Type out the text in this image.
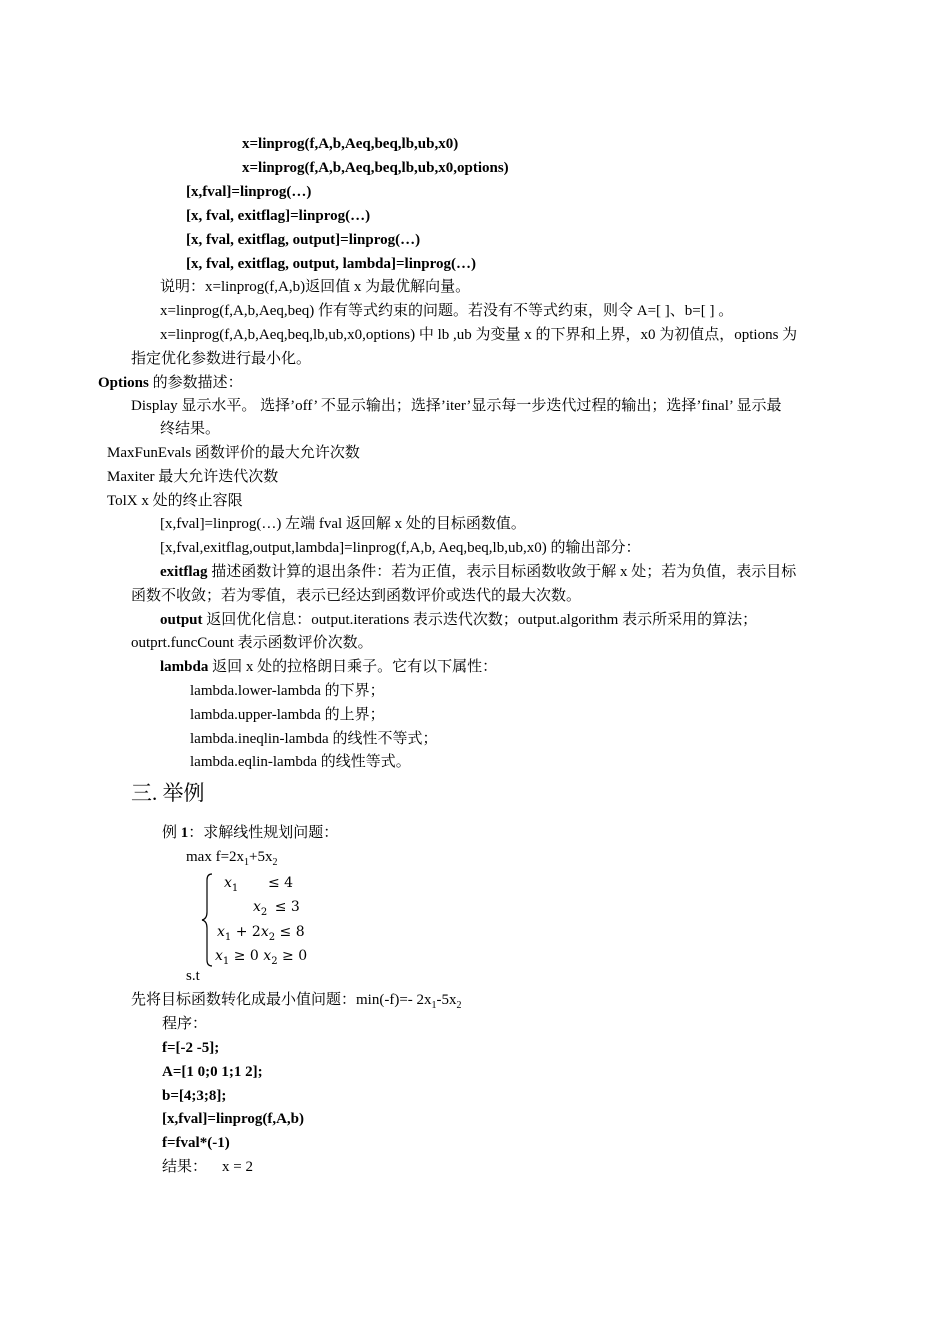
x=linprog(f,A,b,Aeq,beq,lb,ub,x0)
x=linprog(f,A,b,Aeq,beq,lb,ub,x0,options)
[x,fval]=linprog(…)
[x, fval, exitflag]=linprog(…)
[x, fval, exitflag, output]=linprog(…)
[x, fval, exitflag, output, lambda]=linprog(…)
说明：x=linprog(f,A,b)返回值 x 为最优解向量。
x=linprog(f,A,b,Aeq,beq) 作有等式约束的问题。若没有不等式约束，则令 A=[ ]、b=[ ] 。
x=linprog(f,A,b,Aeq,beq,lb,ub,x0,options) 中 lb ,ub 为变量 x 的下界和上界，x0 为初值点，options 为
指定优化参数进行最小化。
Options 的参数描述：
Display 显示水平。 选择’off’ 不显示输出；选择’iter’显示每一步迭代过程的输出；选择’final’ 显示最
终结果。
MaxFunEvals 函数评价的最大允许次数
Maxiter 最大允许迭代次数
TolX x 处的终止容限
[x,fval]=linprog(…) 左端 fval 返回解 x 处的目标函数值。
[x,fval,exitflag,output,lambda]=linprog(f,A,b, Aeq,beq,lb,ub,x0) 的输出部分：
exitflag 描述函数计算的退出条件：若为正值，表示目标函数收敛于解 x 处；若为负值，表示目标
函数不收敛；若为零值，表示已经达到函数评价或迭代的最大次数。
output 返回优化信息：output.iterations 表示迭代次数；output.algorithm 表示所采用的算法；
outprt.funcCount 表示函数评价次数。
lambda 返回 x 处的拉格朗日乘子。它有以下属性：
lambda.lower-lambda 的下界；
lambda.upper-lambda 的上界；
lambda.ineqlin-lambda 的线性不等式；
lambda.eqlin-lambda 的线性等式。
三. 举例
例 1：求解线性规划问题：
$\max f=2x_1+5x_2$
$x_1 \le 4$
$x_2 \le 3$
$x_1 + 2x_2 \le 8$
$x_1 \ge 0$ $x_2 \ge 0$
s.t
先将目标函数转化成最小值问题：min(-f)=- $2x_1-5x_2$
程序：
f=[-2 -5];
A=[1 0;0 1;1 2];
b=[4;3;8];
[x,fval]=linprog(f,A,b)
f=fval*(-1)
结果：    x = 2
